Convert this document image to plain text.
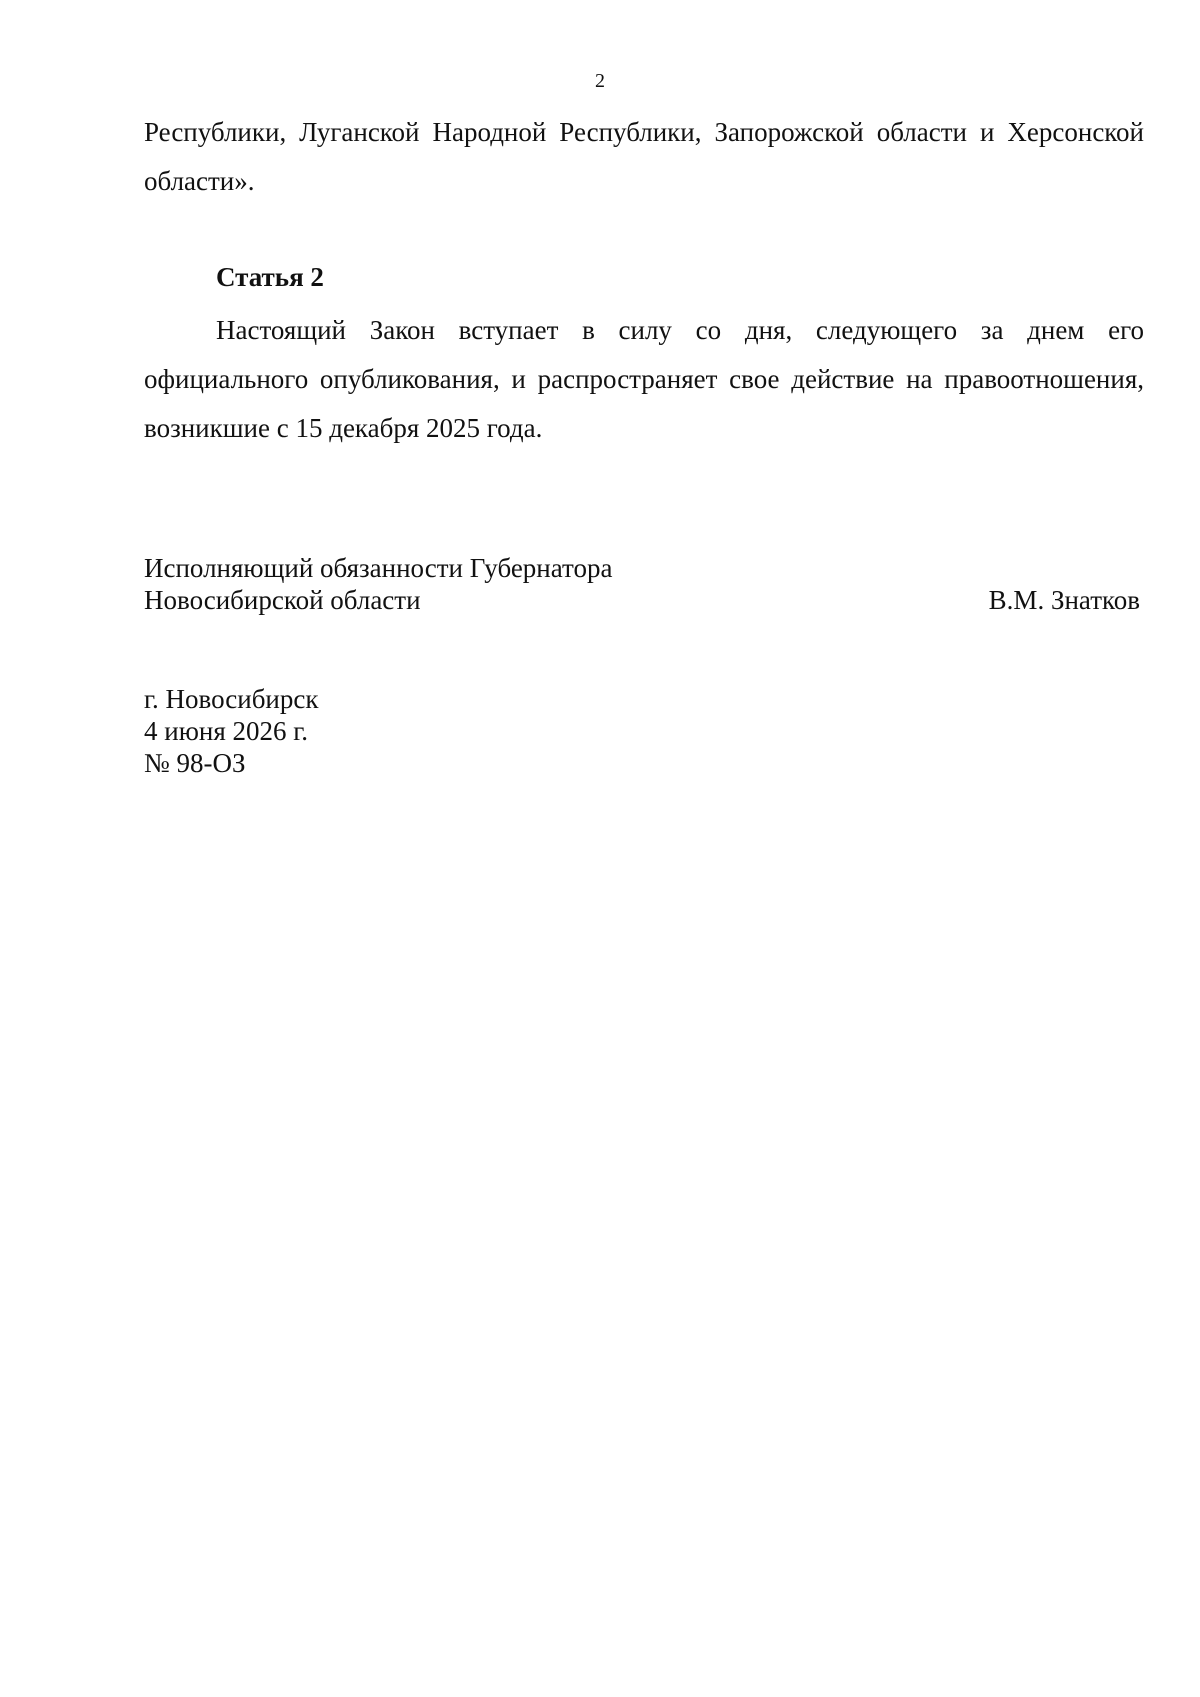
2
Республики, Луганской Народной Республики, Запорожской области и Херсонской области».
Статья 2
Настоящий Закон вступает в силу со дня, следующего за днем его официального опубликования, и распространяет свое действие на правоотношения, возникшие с 15 декабря 2025 года.
Исполняющий обязанности Губернатора
Новосибирской области	В.М. Знатков
г. Новосибирск
4 июня 2026 г.
№ 98-ОЗ
